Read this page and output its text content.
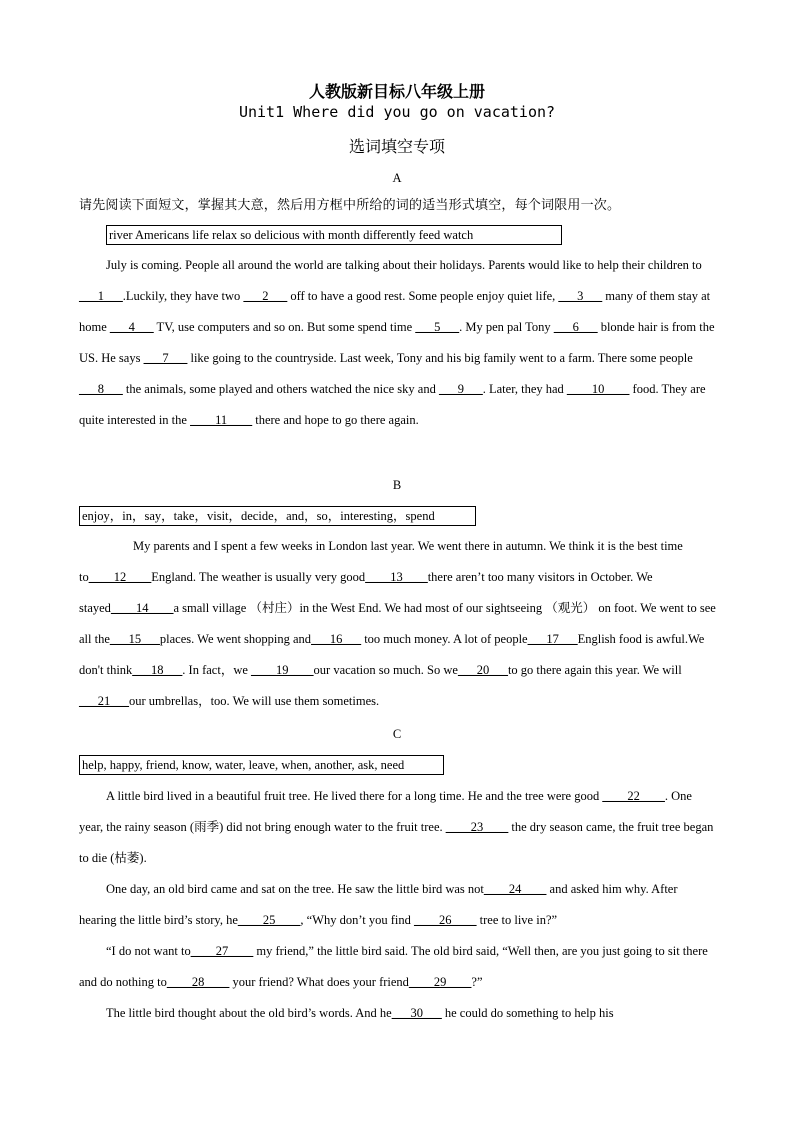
人教版新目标八年级上册
Unit1 Where did you go on vacation?
选词填空专项
A
请先阅读下面短文，掌握其大意，然后用方框中所给的词的适当形式填空，每个词限用一次。
river Americans life relax so delicious with month differently feed watch

July is coming. People all around the world are talking about their holidays. Parents would like to help their children to ___1___.Luckily, they have two ___2___ off to have a good rest. Some people enjoy quiet life, ___3___ many of them stay at home ___4___ TV, use computers and so on. But some spend time ___5___. My pen pal Tony ___6___ blonde hair is from the US. He says ___7___ like going to the countryside. Last week, Tony and his big family went to a farm. There some people ___8___ the animals, some played and others watched the nice sky and ___9___. Later, they had ____10____ food. They are quite interested in the ____11____ there and hope to go there again.

B
enjoy，in，say，take，visit，decide，and，so，interesting，spend

My parents and I spent a few weeks in London last year. We went there in autumn. We think it is the best time to____12____England. The weather is usually very good____13____there aren’t too many visitors in October. We stayed____14____a small village （村庄）in the West End. We had most of our sightseeing （观光） on foot. We went to see all the___15___places. We went shopping and___16___ too much money. A lot of people___17___English food is awful.We don't think___18___. In fact，we ____19____our vacation so much. So we___20___to go there again this year. We will ___21___our umbrellas，too. We will use them sometimes.

C
help, happy, friend, know, water, leave, when, another, ask, need

A little bird lived in a beautiful fruit tree. He lived there for a long time. He and the tree were good ____22____. One year, the rainy season (雨季) did not bring enough water to the fruit tree. ____23____ the dry season came, the fruit tree began to die (枯萎).

One day, an old bird came and sat on the tree. He saw the little bird was not____24____ and asked him why. After hearing the little bird’s story, he____25____, “Why don’t you find ____26____ tree to live in?”

“I do not want to____27____ my friend,” the little bird said. The old bird said, “Well then, are you just going to sit there and do nothing to____28____ your friend? What does your friend____29____?”

The little bird thought about the old bird’s words. And he___30___ he could do something to help his
